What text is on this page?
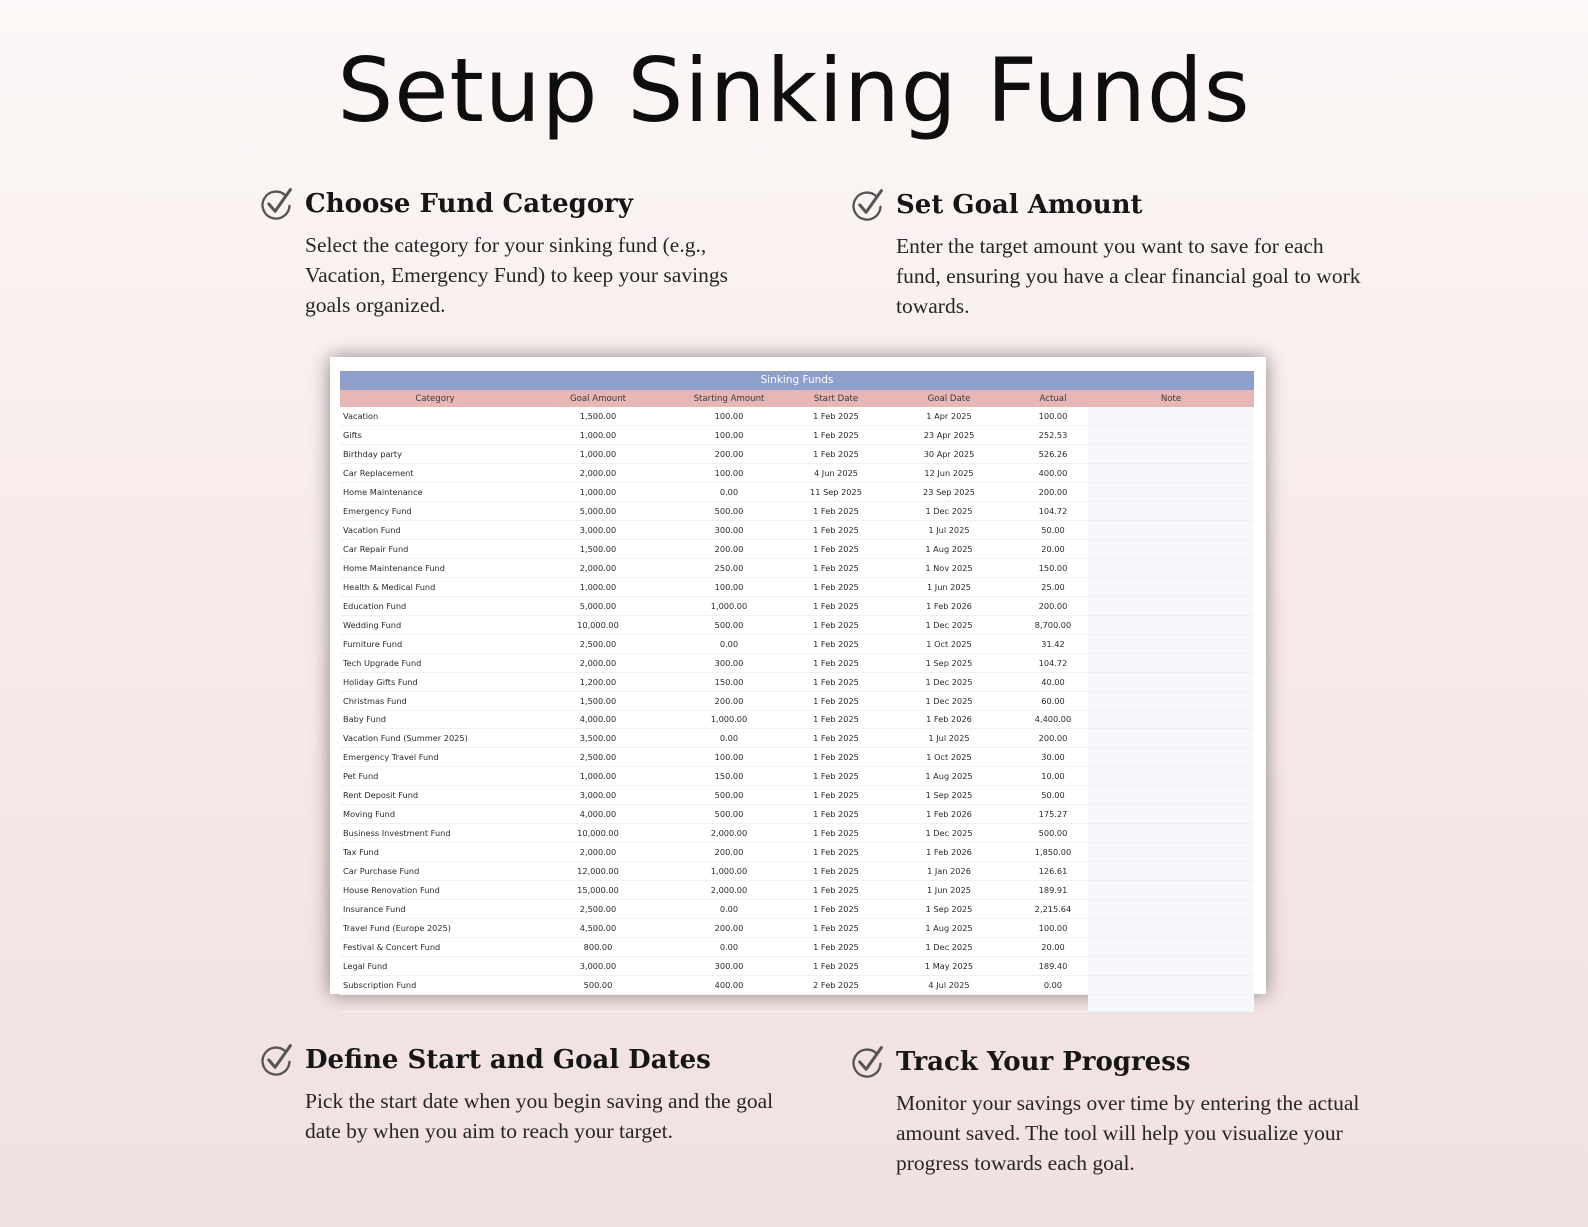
Setup Sinking Funds
Choose Fund Category

Select the category for your sinking fund (e.g., Vacation, Emergency Fund) to keep your savings goals organized.

Set Goal Amount

Enter the target amount you want to save for each fund, ensuring you have a clear financial goal to work towards.

Sinking Funds
Category	Goal Amount	Starting Amount	Start Date	Goal Date	Actual	Note
Vacation	1,500.00	100.00	1 Feb 2025	1 Apr 2025	100.00	
Gifts	1,000.00	100.00	1 Feb 2025	23 Apr 2025	252.53	
Birthday party	1,000.00	200.00	1 Feb 2025	30 Apr 2025	526.26	
Car Replacement	2,000.00	100.00	4 Jun 2025	12 Jun 2025	400.00	
Home Maintenance	1,000.00	0.00	11 Sep 2025	23 Sep 2025	200.00	
Emergency Fund	5,000.00	500.00	1 Feb 2025	1 Dec 2025	104.72	
Vacation Fund	3,000.00	300.00	1 Feb 2025	1 Jul 2025	50.00	
Car Repair Fund	1,500.00	200.00	1 Feb 2025	1 Aug 2025	20.00	
Home Maintenance Fund	2,000.00	250.00	1 Feb 2025	1 Nov 2025	150.00	
Health & Medical Fund	1,000.00	100.00	1 Feb 2025	1 Jun 2025	25.00	
Education Fund	5,000.00	1,000.00	1 Feb 2025	1 Feb 2026	200.00	
Wedding Fund	10,000.00	500.00	1 Feb 2025	1 Dec 2025	8,700.00	
Furniture Fund	2,500.00	0.00	1 Feb 2025	1 Oct 2025	31.42	
Tech Upgrade Fund	2,000.00	300.00	1 Feb 2025	1 Sep 2025	104.72	
Holiday Gifts Fund	1,200.00	150.00	1 Feb 2025	1 Dec 2025	40.00	
Christmas Fund	1,500.00	200.00	1 Feb 2025	1 Dec 2025	60.00	
Baby Fund	4,000.00	1,000.00	1 Feb 2025	1 Feb 2026	4,400.00	
Vacation Fund (Summer 2025)	3,500.00	0.00	1 Feb 2025	1 Jul 2025	200.00	
Emergency Travel Fund	2,500.00	100.00	1 Feb 2025	1 Oct 2025	30.00	
Pet Fund	1,000.00	150.00	1 Feb 2025	1 Aug 2025	10.00	
Rent Deposit Fund	3,000.00	500.00	1 Feb 2025	1 Sep 2025	50.00	
Moving Fund	4,000.00	500.00	1 Feb 2025	1 Feb 2026	175.27	
Business Investment Fund	10,000.00	2,000.00	1 Feb 2025	1 Dec 2025	500.00	
Tax Fund	2,000.00	200.00	1 Feb 2025	1 Feb 2026	1,850.00	
Car Purchase Fund	12,000.00	1,000.00	1 Feb 2025	1 Jan 2026	126.61	
House Renovation Fund	15,000.00	2,000.00	1 Feb 2025	1 Jun 2025	189.91	
Insurance Fund	2,500.00	0.00	1 Feb 2025	1 Sep 2025	2,215.64	
Travel Fund (Europe 2025)	4,500.00	200.00	1 Feb 2025	1 Aug 2025	100.00	
Festival & Concert Fund	800.00	0.00	1 Feb 2025	1 Dec 2025	20.00	
Legal Fund	3,000.00	300.00	1 Feb 2025	1 May 2025	189.40	
Subscription Fund	500.00	400.00	2 Feb 2025	4 Jul 2025	0.00	

Define Start and Goal Dates

Pick the start date when you begin saving and the goal date by when you aim to reach your target.

Track Your Progress

Monitor your savings over time by entering the actual amount saved. The tool will help you visualize your progress towards each goal.
